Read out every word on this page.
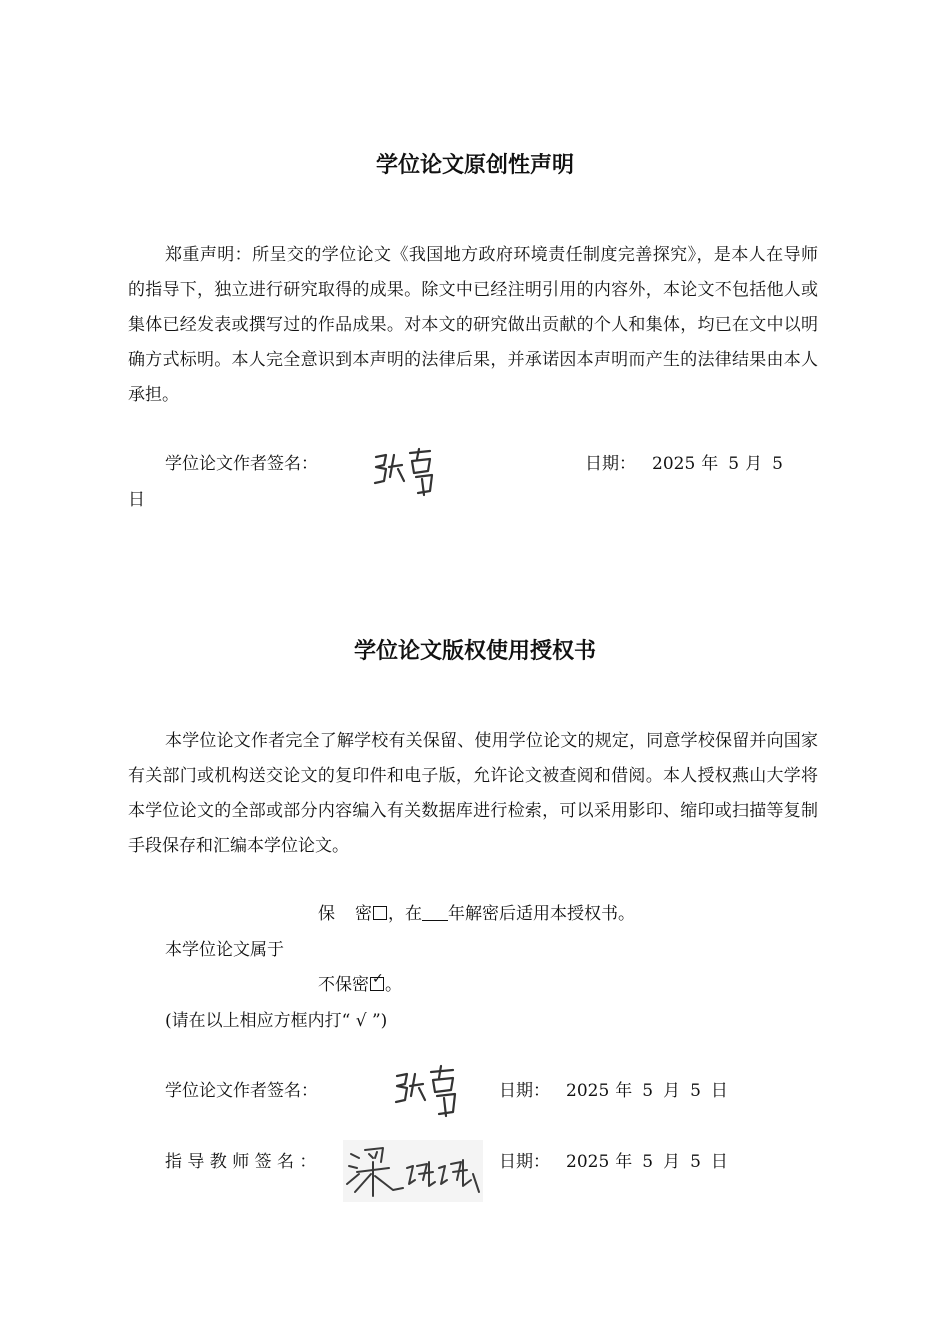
学位论文原创性声明

郑重声明：所呈交的学位论文《我国地方政府环境责任制度完善探究》，是本人在导师的指导下，独立进行研究取得的成果。除文中已经注明引用的内容外，本论文不包括他人或集体已经发表或撰写过的作品成果。对本文的研究做出贡献的个人和集体，均已在文中以明确方式标明。本人完全意识到本声明的法律后果，并承诺因本声明而产生的法律结果由本人承担。

学位论文作者签名：	日期： 2025 年 5 月 5
日
学位论文版权使用授权书

本学位论文作者完全了解学校有关保留、使用学位论文的规定，同意学校保留并向国家有关部门或机构送交论文的复印件和电子版，允许论文被查阅和借阅。本人授权燕山大学将本学位论文的全部或部分内容编入有关数据库进行检索，可以采用影印、缩印或扫描等复制手段保存和汇编本学位论文。

保 密 ，在 年解密后适用本授权书。
本学位论文属于
不保密 ✓ 。
(请在以上相应方框内打“ √ ”)
学位论文作者签名：	日期： 2025 年 5 月 5 日
指 导 教 师 签 名 ：	日期： 2025 年 5 月 5 日
